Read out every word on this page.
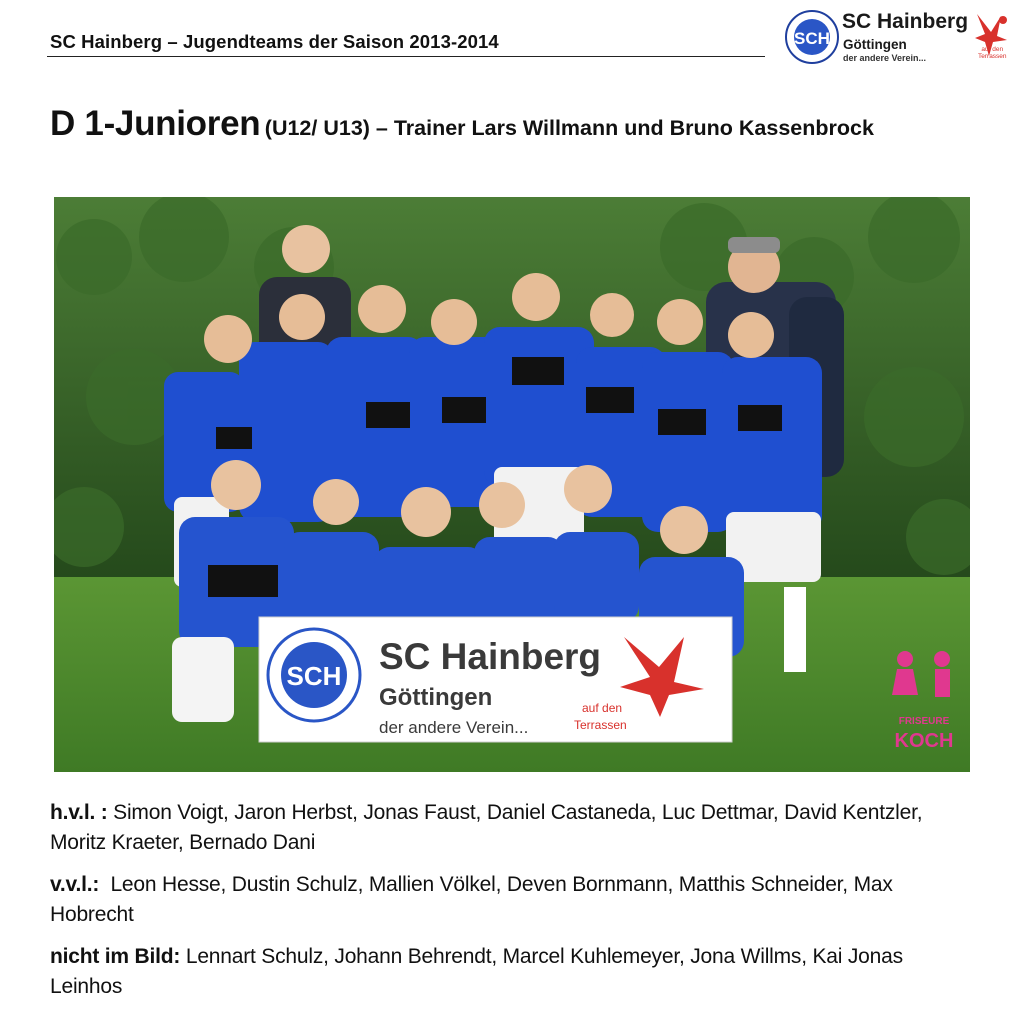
SC Hainberg – Jugendteams der Saison 2013-2014	SCH
SC Hainberg
Göttingen
der andere Verein...
auf den
Terrassen
D 1-Junioren (U12/ U13) – Trainer Lars Willmann und Bruno Kassenbrock
SCH SC Hainberg
Göttingen
der andere Verein...
auf den
Terrassen	FRISEURE
KOCH
h.v.l. : Simon Voigt, Jaron Herbst, Jonas Faust, Daniel Castaneda, Luc Dettmar, David Kentzler,
Moritz Kraeter, Bernado Dani
v.v.l.:  Leon Hesse, Dustin Schulz, Mallien Völkel, Deven Bornmann, Matthis Schneider, Max
Hobrecht
nicht im Bild: Lennart Schulz, Johann Behrendt, Marcel Kuhlemeyer, Jona Willms, Kai Jonas
Leinhos
